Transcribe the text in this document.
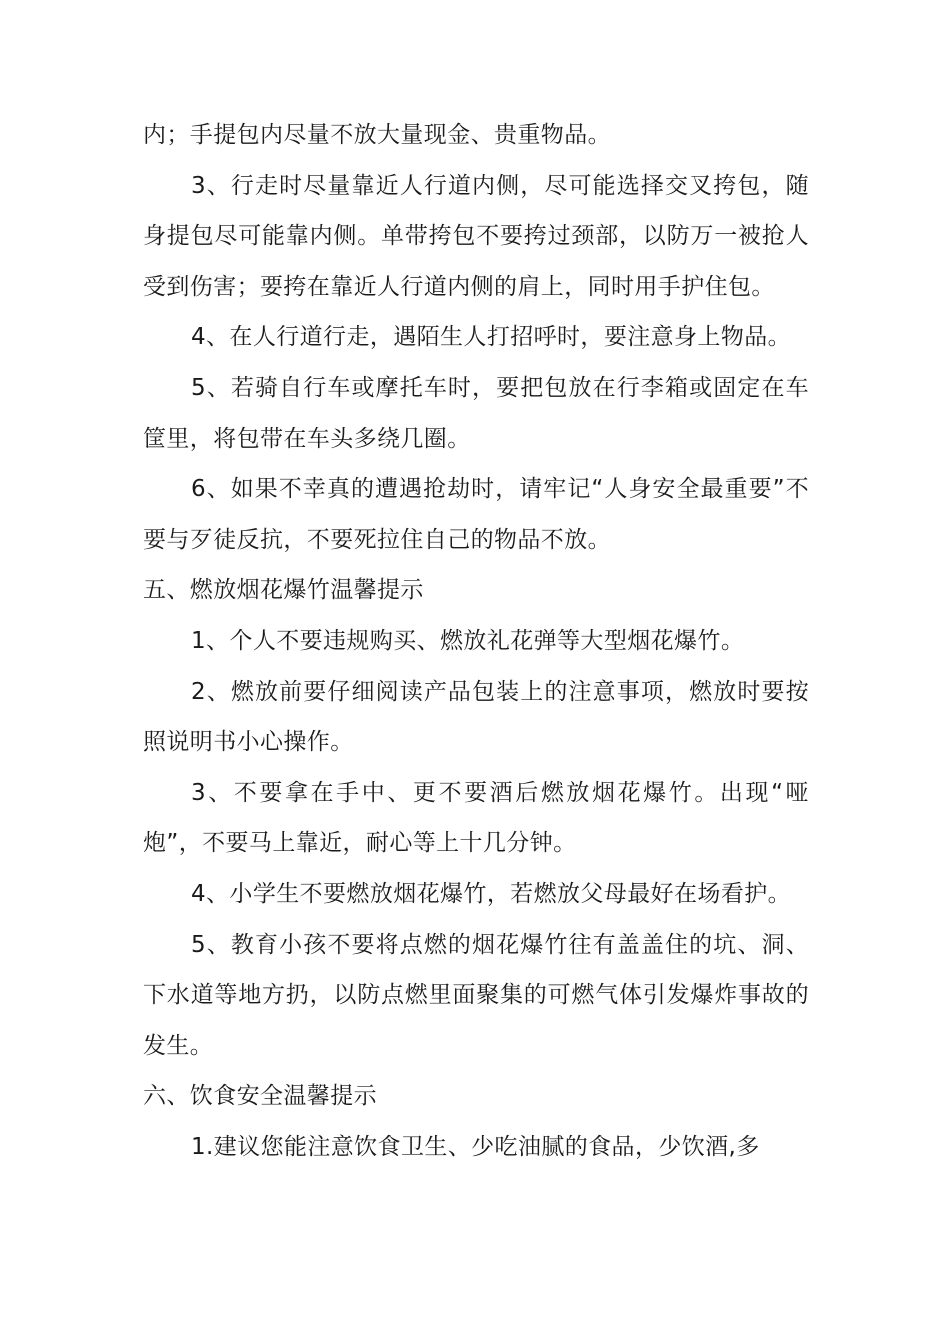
内；手提包内尽量不放大量现金、贵重物品。

3、行走时尽量靠近人行道内侧，尽可能选择交叉挎包，随身提包尽可能靠内侧。单带挎包不要挎过颈部，以防万一被抢人受到伤害；要挎在靠近人行道内侧的肩上，同时用手护住包。

4、在人行道行走，遇陌生人打招呼时，要注意身上物品。

5、若骑自行车或摩托车时，要把包放在行李箱或固定在车筐里，将包带在车头多绕几圈。

6、如果不幸真的遭遇抢劫时，请牢记“人身安全最重要”不要与歹徒反抗，不要死拉住自己的物品不放。

五、燃放烟花爆竹温馨提示

1、个人不要违规购买、燃放礼花弹等大型烟花爆竹。

2、燃放前要仔细阅读产品包装上的注意事项，燃放时要按照说明书小心操作。

3、不要拿在手中、更不要酒后燃放烟花爆竹。出现“哑炮”，不要马上靠近，耐心等上十几分钟。

4、小学生不要燃放烟花爆竹，若燃放父母最好在场看护。

5、教育小孩不要将点燃的烟花爆竹往有盖盖住的坑、洞、下水道等地方扔，以防点燃里面聚集的可燃气体引发爆炸事故的发生。

六、饮食安全温馨提示

1.建议您能注意饮食卫生、少吃油腻的食品，少饮酒,多
